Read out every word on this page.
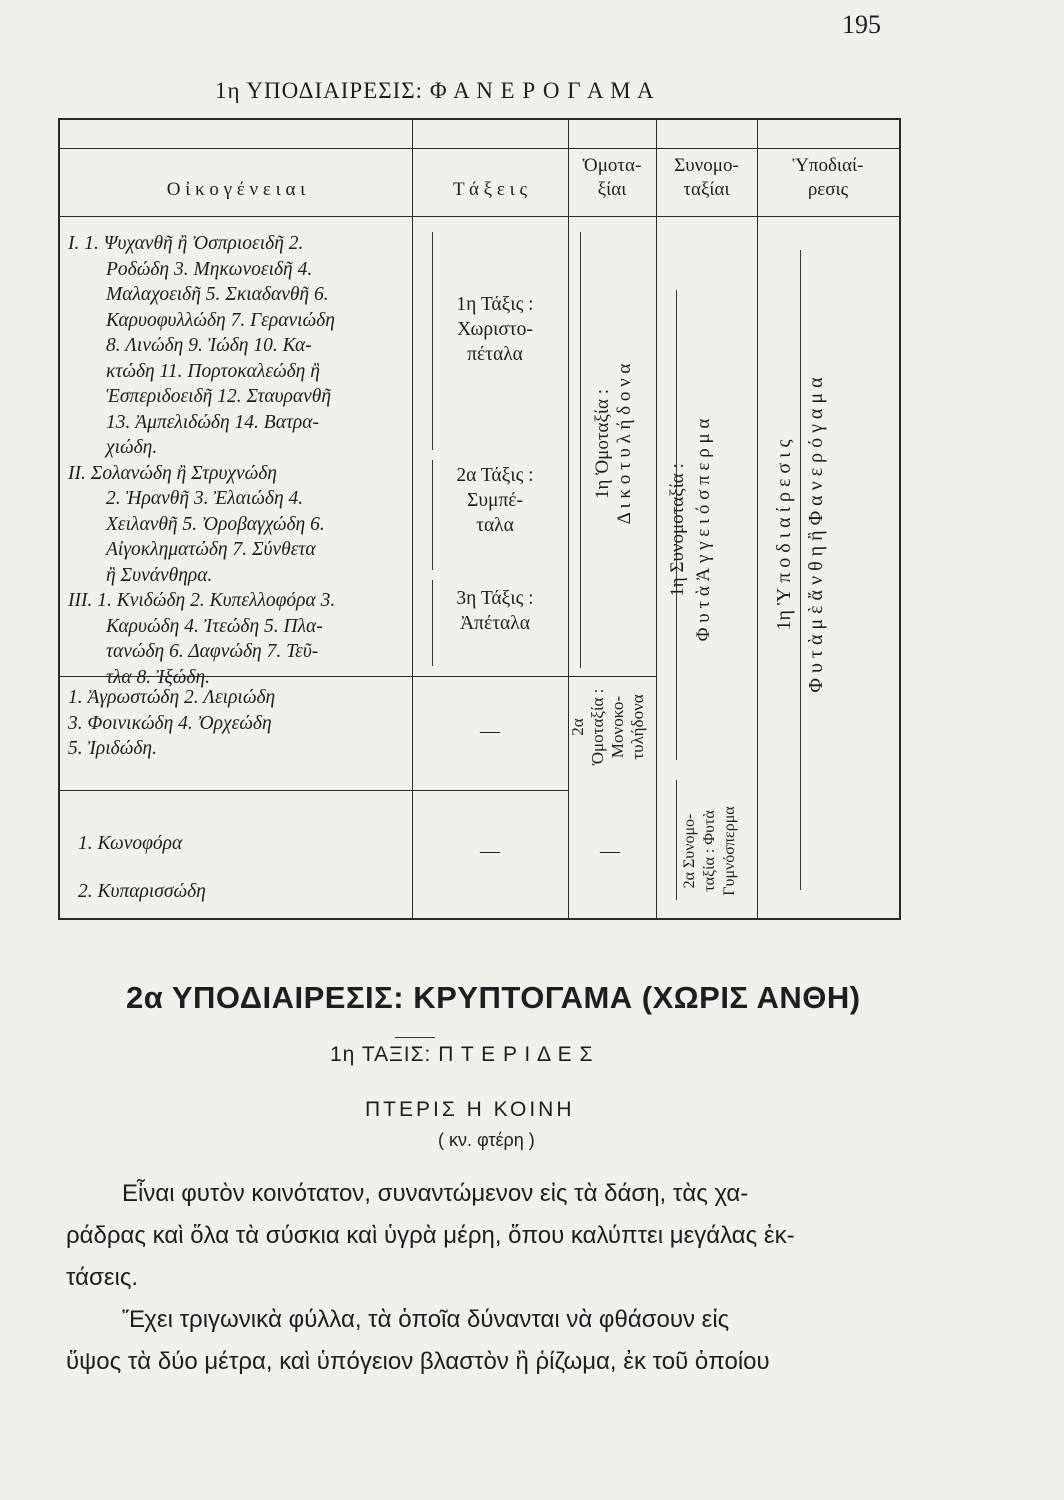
195
1η ΥΠΟΔΙΑΙΡΕΣΙΣ: Φ Α Ν Ε Ρ Ο Γ Α Μ Α
Ο ἰ κ ο γ έ ν ε ι α ι	Τ ά ξ ε ι ς
Ὁμοτα-
ξίαι
Συνομο-
ταξίαι
Ὑποδιαί-
ρεσις
I. 1. Ψυχανθῆ ἢ Ὀσπριοειδῆ 2.
Ροδώδη 3. Μηκωνοειδῆ 4.
Μαλαχοειδῆ 5. Σκιαδανθῆ 6.
Καρυοφυλλώδη 7. Γερανιώδη
8. Λινώδη 9. Ἰώδη 10. Κα-
κτώδη 11. Πορτοκαλεώδη ἢ
Ἑσπεριδοειδῆ 12. Σταυρανθῆ
13. Ἀμπελιδώδη 14. Βατρα-
χιώδη.
II. Σολανώδη ἢ Στρυχνώδη
2. Ἠρανθῆ 3. Ἐλαιώδη 4.
Χειλανθῆ 5. Ὀροβαγχώδη 6.
Αἰγοκληματώδη 7. Σύνθετα
ἢ Συνάνθηρα.
III. 1. Κνιδώδη 2. Κυπελλοφόρα 3.
Καρυώδη 4. Ἰτεώδη 5. Πλα-
τανώδη 6. Δαφνώδη 7. Τεῦ-
τλα 8. Ἰξώδη.
1. Ἀγρωστώδη 2. Λειριώδη
3. Φοινικώδη 4. Ὀρχεώδη
5. Ἰριδώδη.
1. Κωνοφόρα
2. Κυπαρισσώδη
1η Τάξις :
Χωριστο-
πέταλα
2α Τάξις :
Συμπέ-
ταλα
3η Τάξις :
Ἀπέταλα
—
—	—
1η Ὁμοταξία : Δ ι κ ο τ υ λ ή δ ο ν α
2α Ὁμοταξία : Μονοκο- τυλήδονα
1η Συνομοταξία : Φ υ τ ὰ Ἀ γ γ ε ι ό σ π ε ρ μ α
2α Συνομο- ταξία : Φυτὰ Γυμνόσπερμα
1η Ὑ π ο δ ι α ί ρ ε σ ι ς Φ υ τ ὰ μ ὲ ἄ ν θ η ἢ Φ α ν ε ρ ό γ α μ α
2α ΥΠΟΔΙΑΙΡΕΣΙΣ: ΚΡΥΠΤΟΓΑΜΑ (ΧΩΡΙΣ ΑΝΘΗ)
1η ΤΑΞΙΣ: Π Τ Ε Ρ Ι Δ Ε Σ
ΠΤΕΡΙΣ Η ΚΟΙΝΗ
( κν. φτέρη )
Εἶναι φυτὸν κοινότατον, συναντώμενον εἰς τὰ δάση, τὰς χα-
ράδρας καὶ ὅλα τὰ σύσκια καὶ ὑγρὰ μέρη, ὅπου καλύπτει μεγάλας ἐκ-
τάσεις.
Ἔχει τριγωνικὰ φύλλα, τὰ ὁποῖα δύνανται νὰ φθάσουν εἰς
ὕψος τὰ δύο μέτρα, καὶ ὑπόγειον βλαστὸν ἢ ῥίζωμα, ἐκ τοῦ ὁποίου
